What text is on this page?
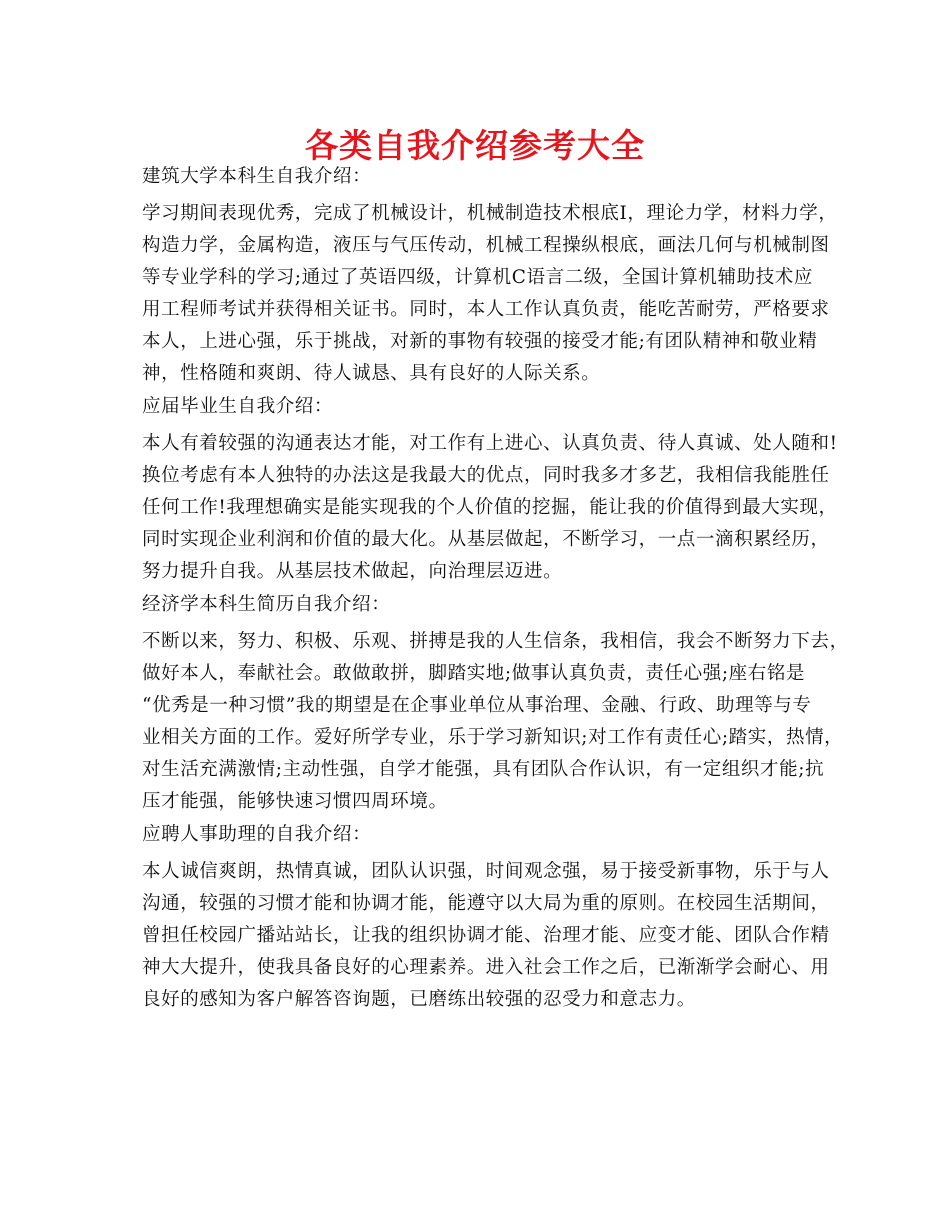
各类自我介绍参考大全
建筑大学本科生自我介绍：
学习期间表现优秀，完成了机械设计，机械制造技术根底Ⅰ，理论力学，材料力学，
构造力学，金属构造，液压与气压传动，机械工程操纵根底，画法几何与机械制图
等专业学科的学习;通过了英语四级，计算机C语言二级，全国计算机辅助技术应
用工程师考试并获得相关证书。同时，本人工作认真负责，能吃苦耐劳，严格要求
本人，上进心强，乐于挑战，对新的事物有较强的接受才能;有团队精神和敬业精
神，性格随和爽朗、待人诚恳、具有良好的人际关系。
应届毕业生自我介绍：
本人有着较强的沟通表达才能，对工作有上进心、认真负责、待人真诚、处人随和!
换位考虑有本人独特的办法这是我最大的优点，同时我多才多艺，我相信我能胜任
任何工作!我理想确实是能实现我的个人价值的挖掘，能让我的价值得到最大实现，
同时实现企业利润和价值的最大化。从基层做起，不断学习，一点一滴积累经历，
努力提升自我。从基层技术做起，向治理层迈进。
经济学本科生简历自我介绍：
不断以来，努力、积极、乐观、拼搏是我的人生信条，我相信，我会不断努力下去，
做好本人，奉献社会。敢做敢拼，脚踏实地;做事认真负责，责任心强;座右铭是
“优秀是一种习惯”我的期望是在企事业单位从事治理、金融、行政、助理等与专
业相关方面的工作。爱好所学专业，乐于学习新知识;对工作有责任心;踏实，热情，
对生活充满激情;主动性强，自学才能强，具有团队合作认识，有一定组织才能;抗
压才能强，能够快速习惯四周环境。
应聘人事助理的自我介绍：
本人诚信爽朗，热情真诚，团队认识强，时间观念强，易于接受新事物，乐于与人
沟通，较强的习惯才能和协调才能，能遵守以大局为重的原则。在校园生活期间，
曾担任校园广播站站长，让我的组织协调才能、治理才能、应变才能、团队合作精
神大大提升，使我具备良好的心理素养。进入社会工作之后，已渐渐学会耐心、用
良好的感知为客户解答咨询题，已磨练出较强的忍受力和意志力。
